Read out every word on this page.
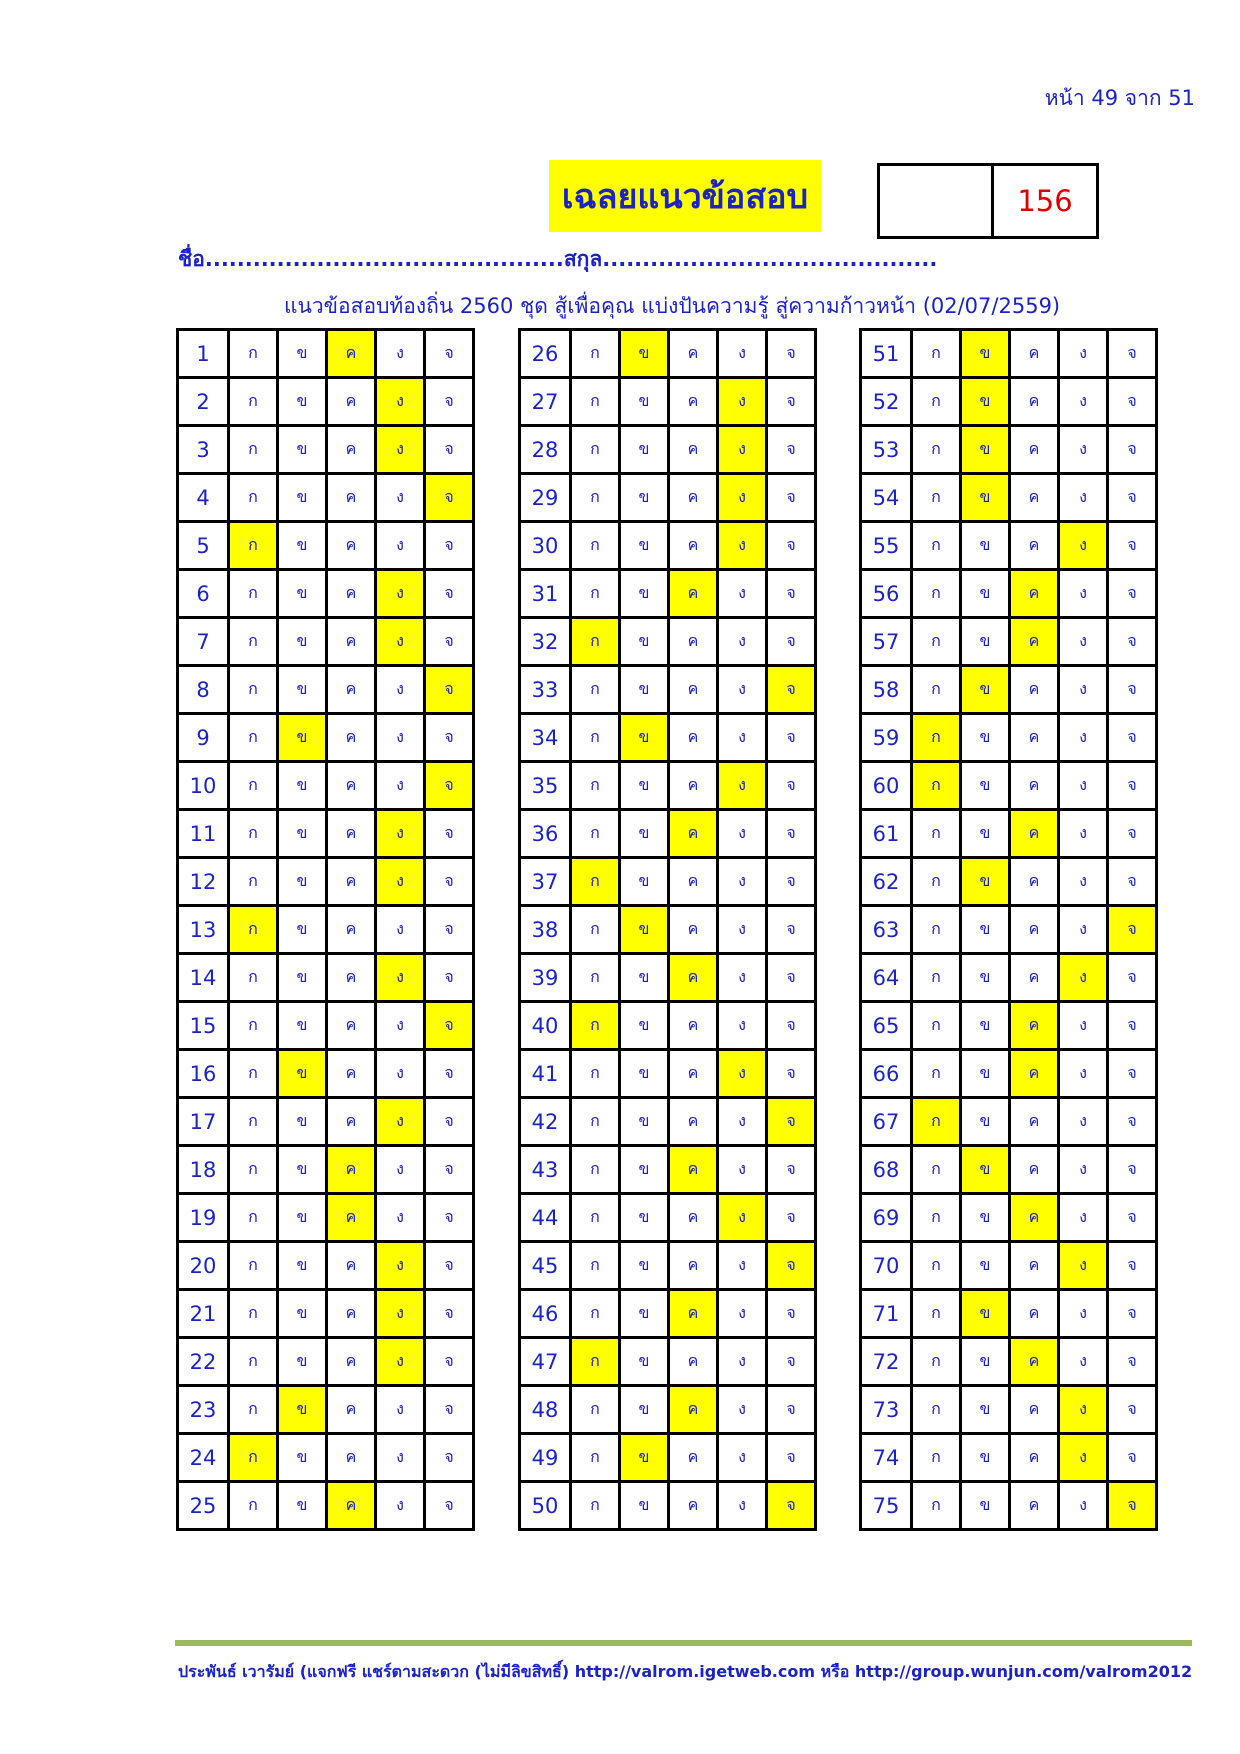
หน้า 49 จาก 51
เฉลยแนวข้อสอบ	156
ชื่อ.............................................สกุล..........................................
แนวข้อสอบท้องถิ่น 2560 ชุด สู้เพื่อคุณ แบ่งปันความรู้ สู่ความก้าวหน้า (02/07/2559)
1	ก	ข	ค	ง	จ
2	ก	ข	ค	ง	จ
3	ก	ข	ค	ง	จ
4	ก	ข	ค	ง	จ
5	ก	ข	ค	ง	จ
6	ก	ข	ค	ง	จ
7	ก	ข	ค	ง	จ
8	ก	ข	ค	ง	จ
9	ก	ข	ค	ง	จ
10	ก	ข	ค	ง	จ
11	ก	ข	ค	ง	จ
12	ก	ข	ค	ง	จ
13	ก	ข	ค	ง	จ
14	ก	ข	ค	ง	จ
15	ก	ข	ค	ง	จ
16	ก	ข	ค	ง	จ
17	ก	ข	ค	ง	จ
18	ก	ข	ค	ง	จ
19	ก	ข	ค	ง	จ
20	ก	ข	ค	ง	จ
21	ก	ข	ค	ง	จ
22	ก	ข	ค	ง	จ
23	ก	ข	ค	ง	จ
24	ก	ข	ค	ง	จ
25	ก	ข	ค	ง	จ
26	ก	ข	ค	ง	จ
27	ก	ข	ค	ง	จ
28	ก	ข	ค	ง	จ
29	ก	ข	ค	ง	จ
30	ก	ข	ค	ง	จ
31	ก	ข	ค	ง	จ
32	ก	ข	ค	ง	จ
33	ก	ข	ค	ง	จ
34	ก	ข	ค	ง	จ
35	ก	ข	ค	ง	จ
36	ก	ข	ค	ง	จ
37	ก	ข	ค	ง	จ
38	ก	ข	ค	ง	จ
39	ก	ข	ค	ง	จ
40	ก	ข	ค	ง	จ
41	ก	ข	ค	ง	จ
42	ก	ข	ค	ง	จ
43	ก	ข	ค	ง	จ
44	ก	ข	ค	ง	จ
45	ก	ข	ค	ง	จ
46	ก	ข	ค	ง	จ
47	ก	ข	ค	ง	จ
48	ก	ข	ค	ง	จ
49	ก	ข	ค	ง	จ
50	ก	ข	ค	ง	จ
51	ก	ข	ค	ง	จ
52	ก	ข	ค	ง	จ
53	ก	ข	ค	ง	จ
54	ก	ข	ค	ง	จ
55	ก	ข	ค	ง	จ
56	ก	ข	ค	ง	จ
57	ก	ข	ค	ง	จ
58	ก	ข	ค	ง	จ
59	ก	ข	ค	ง	จ
60	ก	ข	ค	ง	จ
61	ก	ข	ค	ง	จ
62	ก	ข	ค	ง	จ
63	ก	ข	ค	ง	จ
64	ก	ข	ค	ง	จ
65	ก	ข	ค	ง	จ
66	ก	ข	ค	ง	จ
67	ก	ข	ค	ง	จ
68	ก	ข	ค	ง	จ
69	ก	ข	ค	ง	จ
70	ก	ข	ค	ง	จ
71	ก	ข	ค	ง	จ
72	ก	ข	ค	ง	จ
73	ก	ข	ค	ง	จ
74	ก	ข	ค	ง	จ
75	ก	ข	ค	ง	จ
ประพันธ์ เวารัมย์ (แจกฟรี แชร์ตามสะดวก (ไม่มีลิขสิทธิ์) http://valrom.igetweb.com หรือ http://group.wunjun.com/valrom2012
